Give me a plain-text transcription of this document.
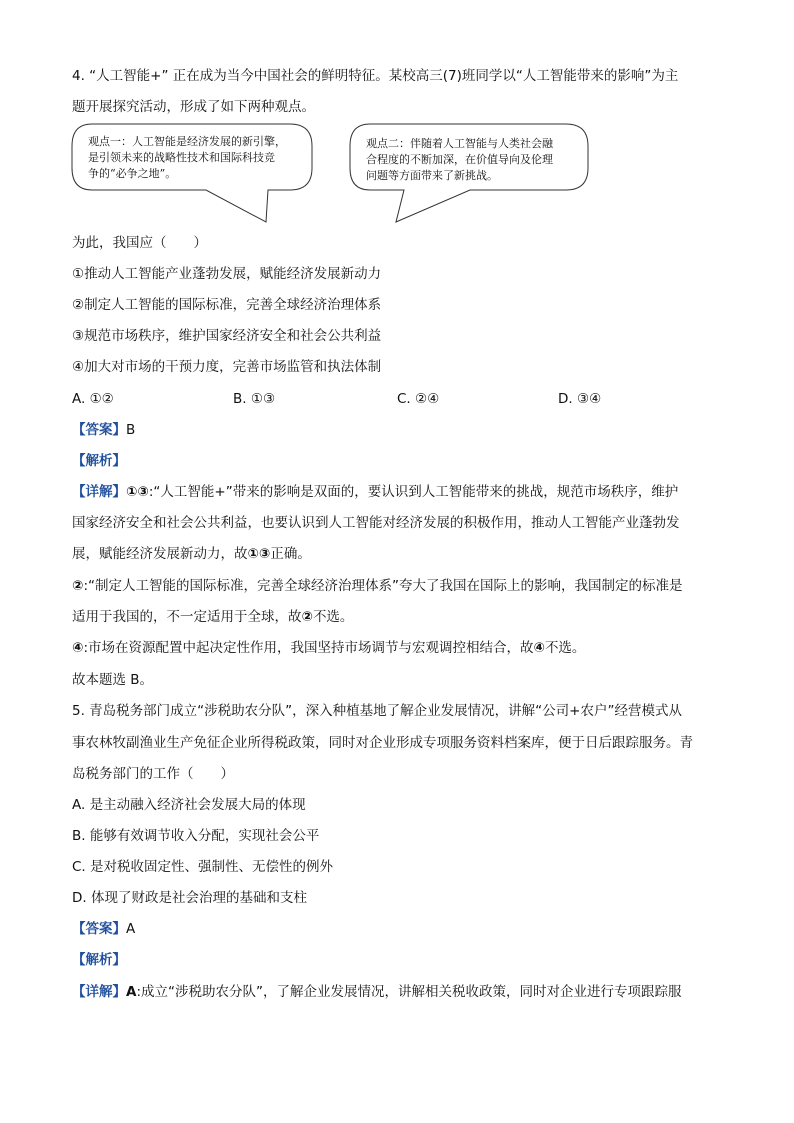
4. “人工智能+” 正在成为当今中国社会的鲜明特征。某校高三(7)班同学以“人工智能带来的影响”为主
题开展探究活动，形成了如下两种观点。
观点一：人工智能是经济发展的新引擎，
是引领未来的战略性技术和国际科技竞
争的“必争之地”。
观点二：伴随着人工智能与人类社会融
合程度的不断加深，在价值导向及伦理
问题等方面带来了新挑战。
为此，我国应（　　）
①推动人工智能产业蓬勃发展，赋能经济发展新动力
②制定人工智能的国际标准，完善全球经济治理体系
③规范市场秩序，维护国家经济安全和社会公共利益
④加大对市场的干预力度，完善市场监管和执法体制
A. ①②	B. ①③	C. ②④	D. ③④
【答案】B
【解析】
【详解】①③:“人工智能+”带来的影响是双面的，要认识到人工智能带来的挑战，规范市场秩序，维护
国家经济安全和社会公共利益，也要认识到人工智能对经济发展的积极作用，推动人工智能产业蓬勃发
展，赋能经济发展新动力，故①③正确。
②:“制定人工智能的国际标准，完善全球经济治理体系”夸大了我国在国际上的影响，我国制定的标准是
适用于我国的，不一定适用于全球，故②不选。
④:市场在资源配置中起决定性作用，我国坚持市场调节与宏观调控相结合，故④不选。
故本题选 B。
5. 青岛税务部门成立“涉税助农分队”，深入种植基地了解企业发展情况，讲解“公司+农户”经营模式从
事农林牧副渔业生产免征企业所得税政策，同时对企业形成专项服务资料档案库，便于日后跟踪服务。青
岛税务部门的工作（　　）
A. 是主动融入经济社会发展大局的体现
B. 能够有效调节收入分配，实现社会公平
C. 是对税收固定性、强制性、无偿性的例外
D. 体现了财政是社会治理的基础和支柱
【答案】A
【解析】
【详解】A:成立“涉税助农分队”，了解企业发展情况，讲解相关税收政策，同时对企业进行专项跟踪服
